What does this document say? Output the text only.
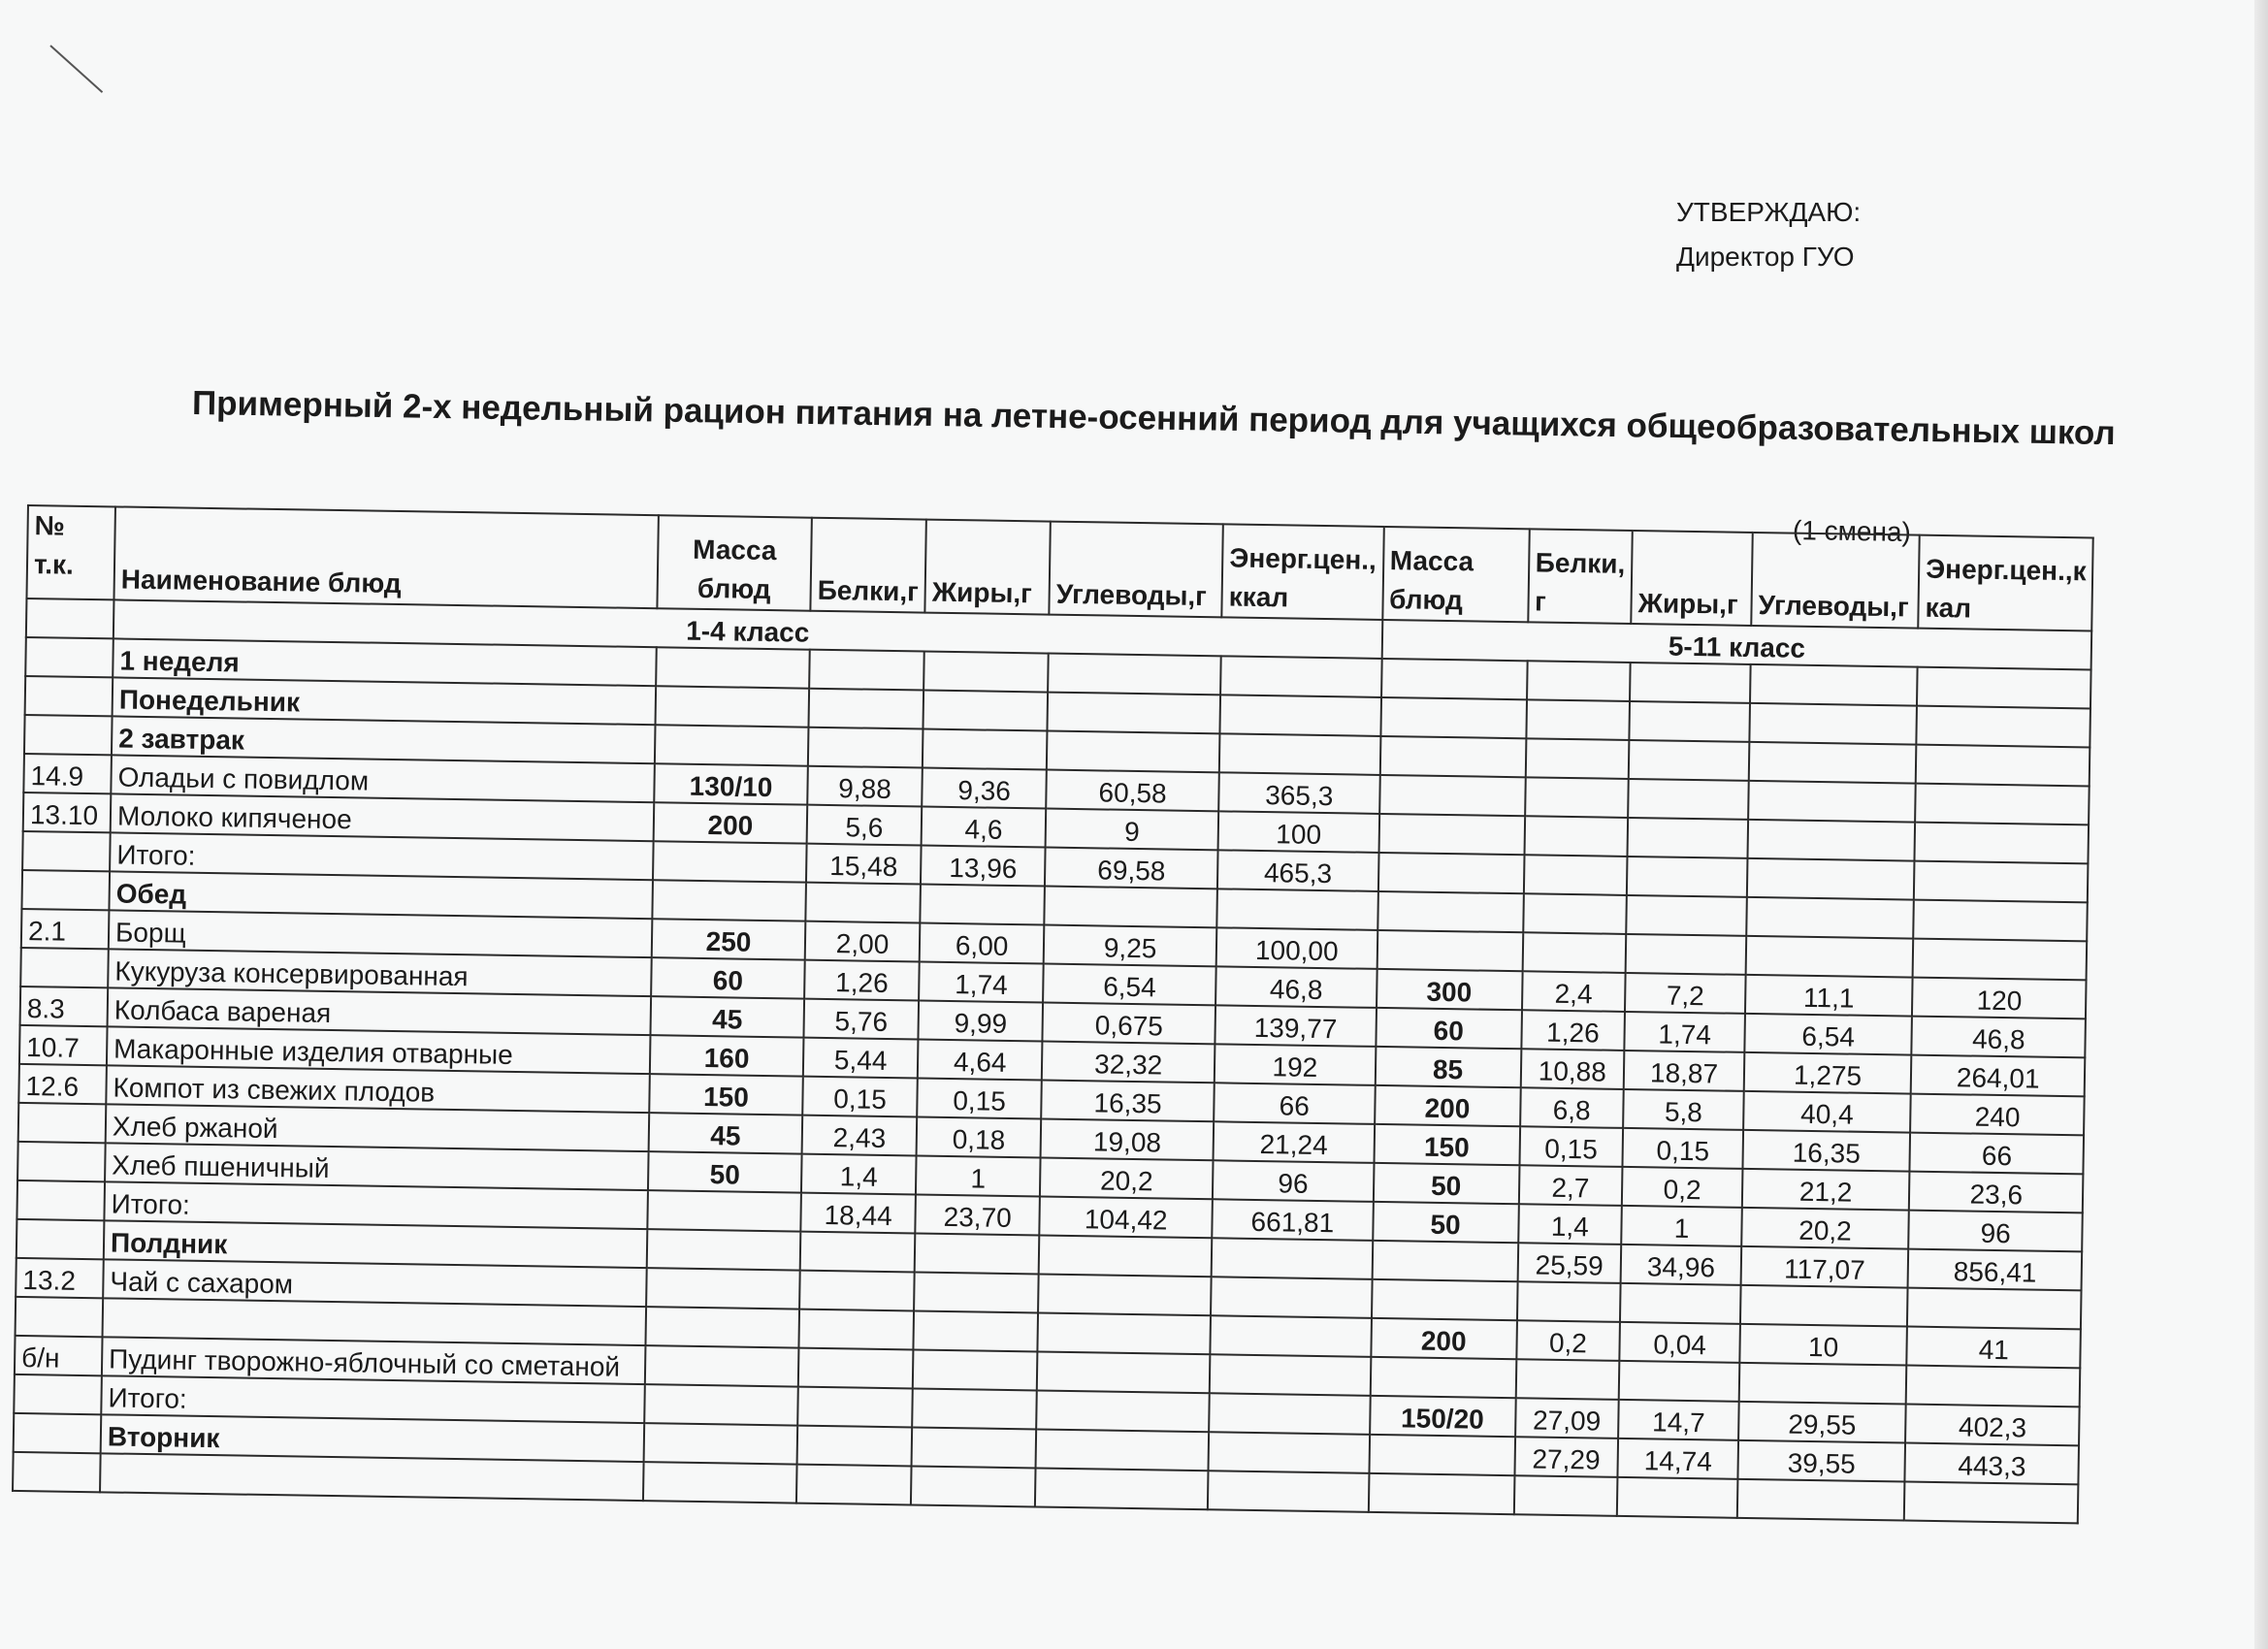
УТВЕРЖДАЮ:
Директор ГУО
Примерный 2-х недельный рацион питания на летне-осенний период для учащихся общеобразовательных школ
(1 смена)
№ т.к.	Наименование блюд	Масса блюд	Белки,г	Жиры,г	Углеводы,г	Энерг.цен., ккал	Масса блюд	Белки, г	Жиры,г	Углеводы,г	Энерг.цен.,к кал
	1-4 класс						5-11 класс				
	1 неделя										
	Понедельник										
	2 завтрак										
14.9	Оладьи с повидлом	130/10	9,88	9,36	60,58	365,3					
13.10	Молоко кипяченое	200	5,6	4,6	9	100					
	Итого:		15,48	13,96	69,58	465,3					
	Обед										
2.1	Борщ	250	2,00	6,00	9,25	100,00					
	Кукуруза консервированная	60	1,26	1,74	6,54	46,8	300	2,4	7,2	11,1	120
8.3	Колбаса вареная	45	5,76	9,99	0,675	139,77	60	1,26	1,74	6,54	46,8
10.7	Макаронные изделия отварные	160	5,44	4,64	32,32	192	85	10,88	18,87	1,275	264,01
12.6	Компот из свежих плодов	150	0,15	0,15	16,35	66	200	6,8	5,8	40,4	240
	Хлеб ржаной	45	2,43	0,18	19,08	21,24	150	0,15	0,15	16,35	66
	Хлеб пшеничный	50	1,4	1	20,2	96	50	2,7	0,2	21,2	23,6
	Итого:		18,44	23,70	104,42	661,81	50	1,4	1	20,2	96
	Полдник							25,59	34,96	117,07	856,41
13.2	Чай с сахаром										
							200	0,2	0,04	10	41
б/н	Пудинг творожно-яблочный со сметаной										
	Итого:						150/20	27,09	14,7	29,55	402,3
	Вторник							27,29	14,74	39,55	443,3
